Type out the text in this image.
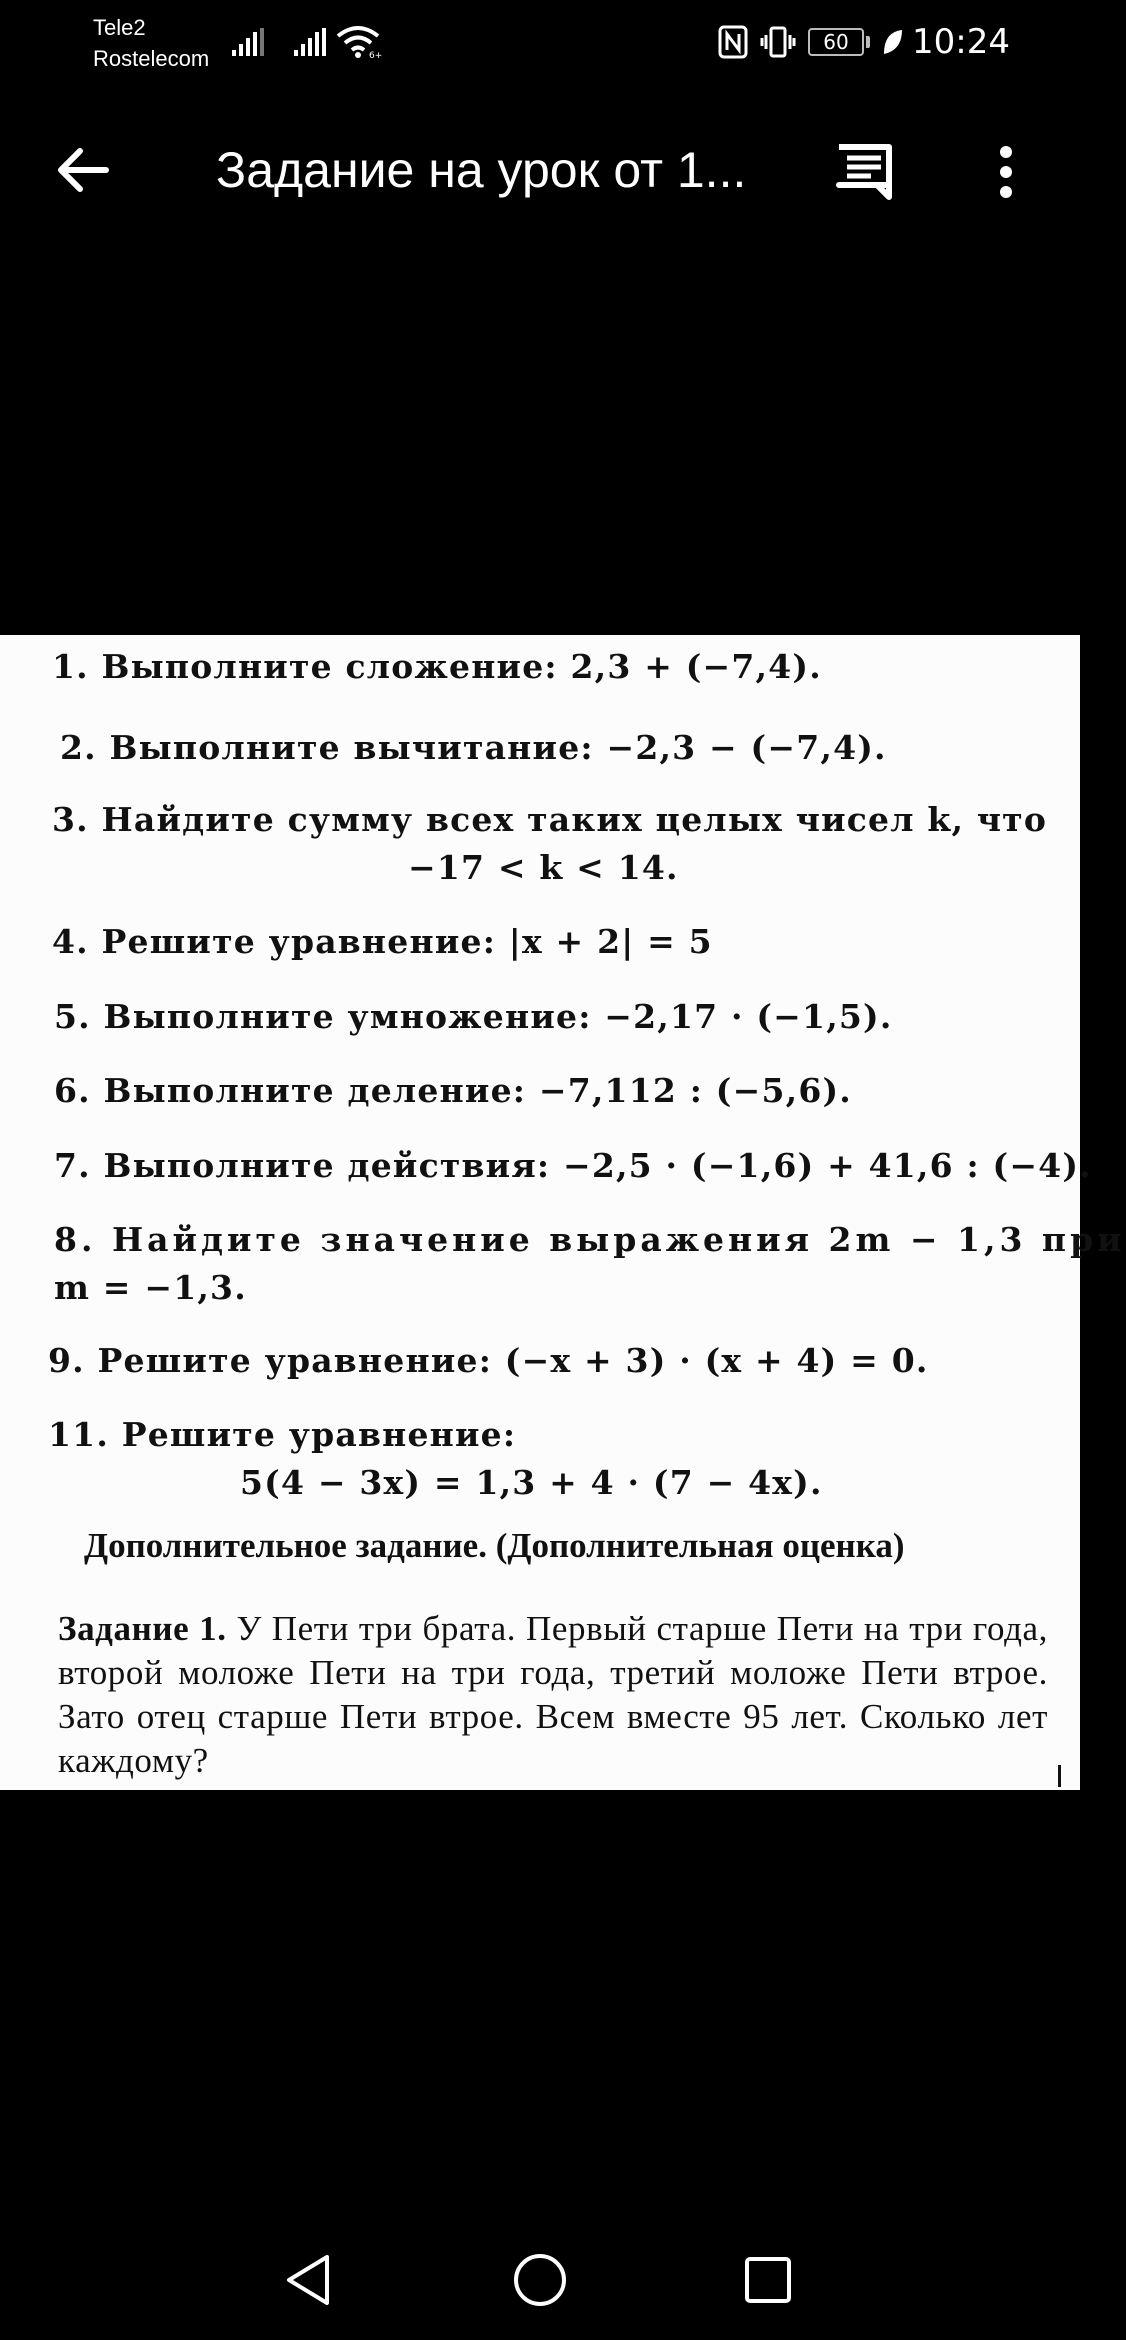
Tele2
Rostelecom	6+
60 10:24
Задание на урок от 1...
1. Выполните сложение: 2,3 + (−7,4).
2. Выполните вычитание: −2,3 − (−7,4).
3. Найдите сумму всех таких целых чисел k, что
−17 < k < 14.
4. Решите уравнение: |x + 2| = 5
5. Выполните умножение: −2,17 · (−1,5).
6. Выполните деление: −7,112 : (−5,6).
7. Выполните действия: −2,5 · (−1,6) + 41,6 : (−4).
8. Найдите значение выражения 2m − 1,3 при
m = −1,3.
9. Решите уравнение: (−x + 3) · (x + 4) = 0.
11. Решите уравнение:
5(4 − 3x) = 1,3 + 4 · (7 − 4x).
Дополнительное задание. (Дополнительная оценка)
Задание 1. У Пети три брата. Первый старше Пети на три года, второй моложе Пети на три года, третий моложе Пети втрое. Зато отец старше Пети втрое. Всем вместе 95 лет. Сколько лет каждому?
